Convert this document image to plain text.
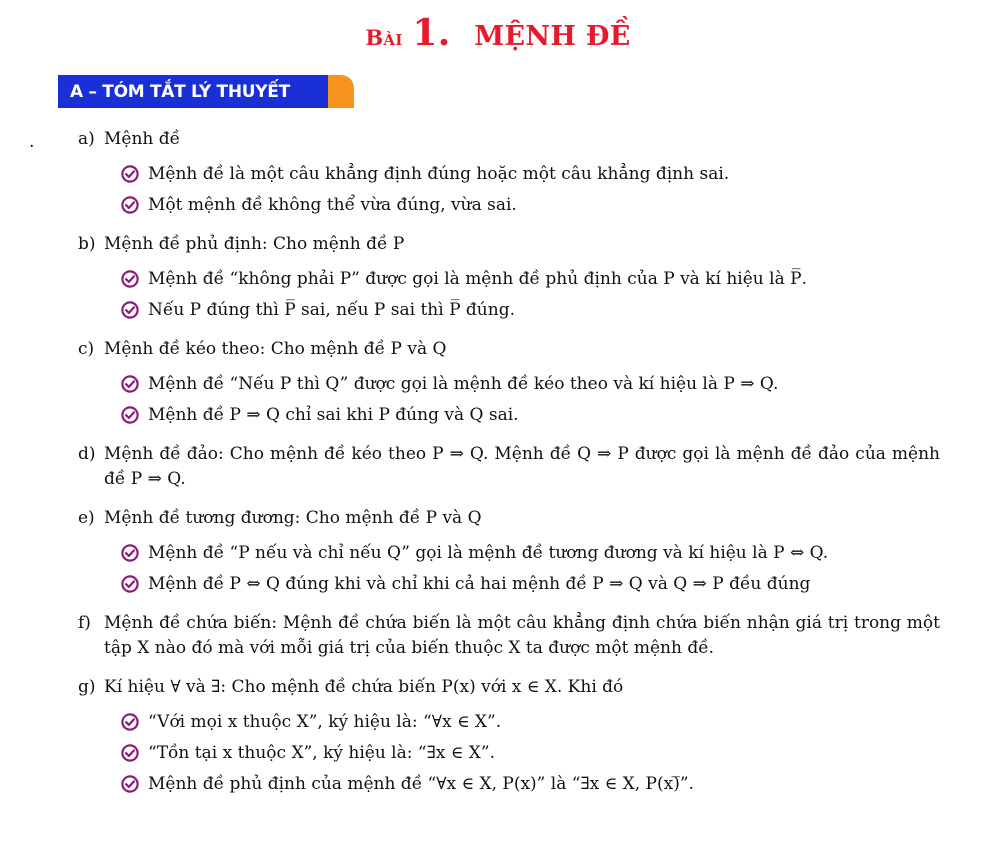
Bài 1. MỆNH ĐỀ
A – TÓM TẮT LÝ THUYẾT
.	a) Mệnh đề
Mệnh đề là một câu khẳng định đúng hoặc một câu khẳng định sai.
Một mệnh đề không thể vừa đúng, vừa sai.
b) Mệnh đề phủ định: Cho mệnh đề P
Mệnh đề “không phải P” được gọi là mệnh đề phủ định của P và kí hiệu là P̅.
Nếu P đúng thì P̅ sai, nếu P sai thì P̅ đúng.
c) Mệnh đề kéo theo: Cho mệnh đề P và Q
Mệnh đề “Nếu P thì Q” được gọi là mệnh đề kéo theo và kí hiệu là P ⇒ Q.
Mệnh đề P ⇒ Q chỉ sai khi P đúng và Q sai.
d) Mệnh đề đảo: Cho mệnh đề kéo theo P ⇒ Q. Mệnh đề Q ⇒ P được gọi là mệnh đề đảo của mệnh đề P ⇒ Q.
e) Mệnh đề tương đương: Cho mệnh đề P và Q
Mệnh đề “P nếu và chỉ nếu Q” gọi là mệnh đề tương đương và kí hiệu là P ⇔ Q.
Mệnh đề P ⇔ Q đúng khi và chỉ khi cả hai mệnh đề P ⇒ Q và Q ⇒ P đều đúng
f) Mệnh đề chứa biến: Mệnh đề chứa biến là một câu khẳng định chứa biến nhận giá trị trong một tập X nào đó mà với mỗi giá trị của biến thuộc X ta được một mệnh đề.
g) Kí hiệu ∀ và ∃: Cho mệnh đề chứa biến P(x) với x ∈ X. Khi đó
“Với mọi x thuộc X”, ký hiệu là: “∀x ∈ X”.
“Tồn tại x thuộc X”, ký hiệu là: “∃x ∈ X”.
Mệnh đề phủ định của mệnh đề “∀x ∈ X, P(x)” là “∃x ∈ X, P(x)̅”.
